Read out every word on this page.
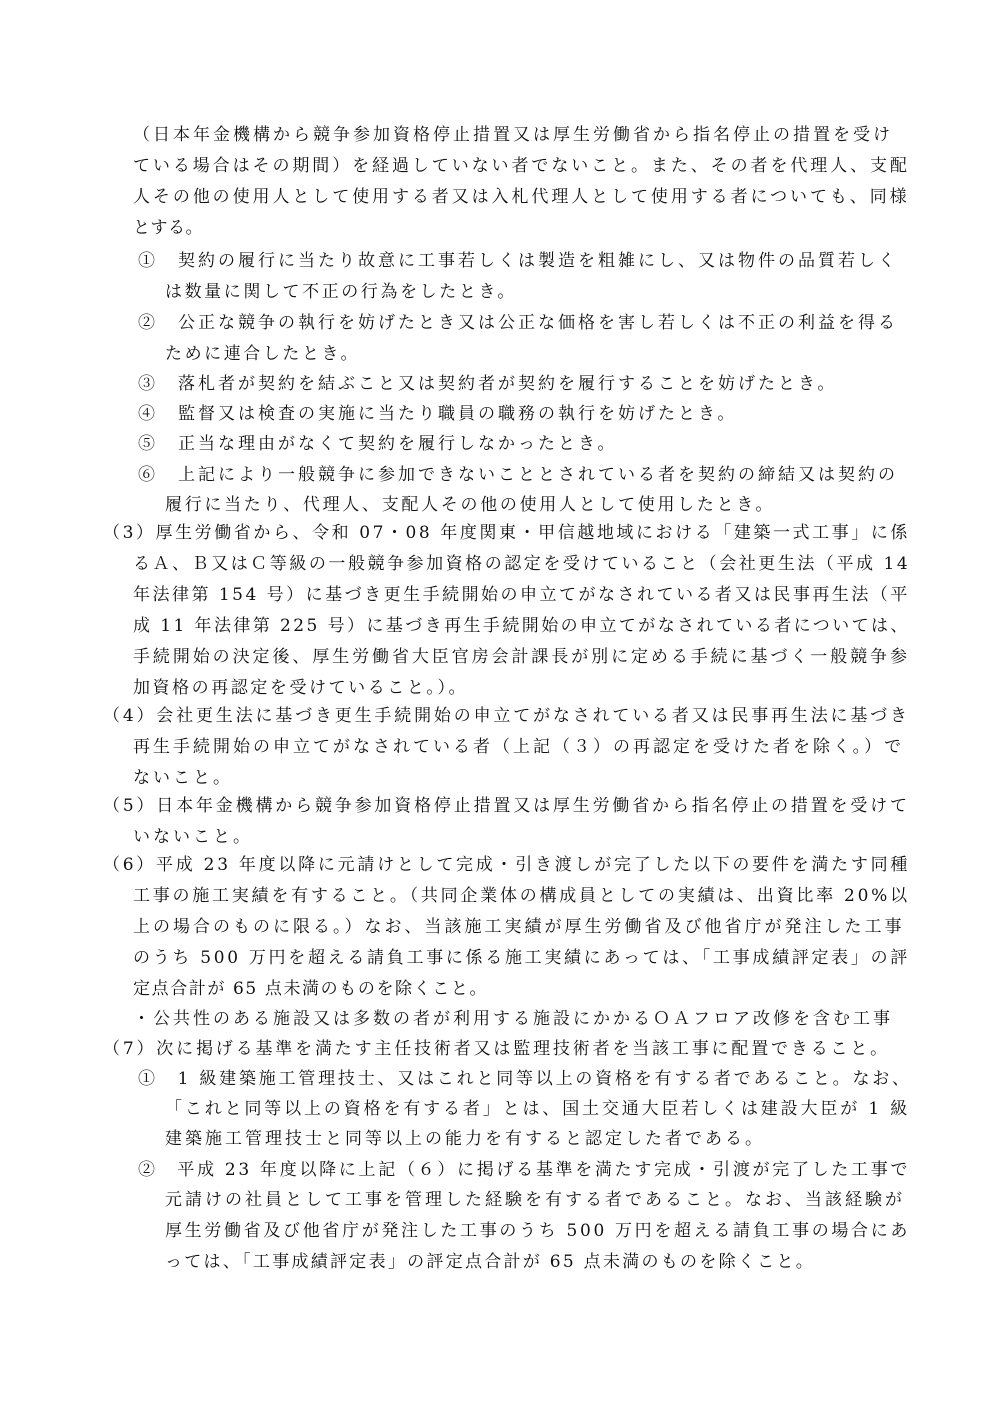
（日本年金機構から競争参加資格停止措置又は厚生労働省から指名停止の措置を受け
ている場合はその期間）を経過していない者でないこと。また、その者を代理人、支配
人その他の使用人として使用する者又は入札代理人として使用する者についても、同様
とする。
①　契約の履行に当たり故意に工事若しくは製造を粗雑にし、又は物件の品質若しく
は数量に関して不正の行為をしたとき。
②　公正な競争の執行を妨げたとき又は公正な価格を害し若しくは不正の利益を得る
ために連合したとき。
③　落札者が契約を結ぶこと又は契約者が契約を履行することを妨げたとき。
④　監督又は検査の実施に当たり職員の職務の執行を妨げたとき。
⑤　正当な理由がなくて契約を履行しなかったとき。
⑥　上記により一般競争に参加できないこととされている者を契約の締結又は契約の
履行に当たり、代理人、支配人その他の使用人として使用したとき。
（3）厚生労働省から、令和 07・08 年度関東・甲信越地域における「建築一式工事」に係
るＡ、Ｂ又はＣ等級の一般競争参加資格の認定を受けていること（会社更生法（平成 14
年法律第 154 号）に基づき更生手続開始の申立てがなされている者又は民事再生法（平
成 11 年法律第 225 号）に基づき再生手続開始の申立てがなされている者については、
手続開始の決定後、厚生労働省大臣官房会計課長が別に定める手続に基づく一般競争参
加資格の再認定を受けていること。）。
（4）会社更生法に基づき更生手続開始の申立てがなされている者又は民事再生法に基づき
再生手続開始の申立てがなされている者（上記（３）の再認定を受けた者を除く。）で
ないこと。
（5）日本年金機構から競争参加資格停止措置又は厚生労働省から指名停止の措置を受けて
いないこと。
（6）平成 23 年度以降に元請けとして完成・引き渡しが完了した以下の要件を満たす同種
工事の施工実績を有すること。（共同企業体の構成員としての実績は、出資比率 20%以
上の場合のものに限る。）なお、当該施工実績が厚生労働省及び他省庁が発注した工事
のうち 500 万円を超える請負工事に係る施工実績にあっては、「工事成績評定表」の評
定点合計が 65 点未満のものを除くこと。
・公共性のある施設又は多数の者が利用する施設にかかるＯＡフロア改修を含む工事
（7）次に掲げる基準を満たす主任技術者又は監理技術者を当該工事に配置できること。
①　1 級建築施工管理技士、又はこれと同等以上の資格を有する者であること。なお、
「これと同等以上の資格を有する者」とは、国土交通大臣若しくは建設大臣が 1 級
建築施工管理技士と同等以上の能力を有すると認定した者である。
②　平成 23 年度以降に上記（６）に掲げる基準を満たす完成・引渡が完了した工事で
元請けの社員として工事を管理した経験を有する者であること。なお、当該経験が
厚生労働省及び他省庁が発注した工事のうち 500 万円を超える請負工事の場合にあ
っては、「工事成績評定表」の評定点合計が 65 点未満のものを除くこと。
